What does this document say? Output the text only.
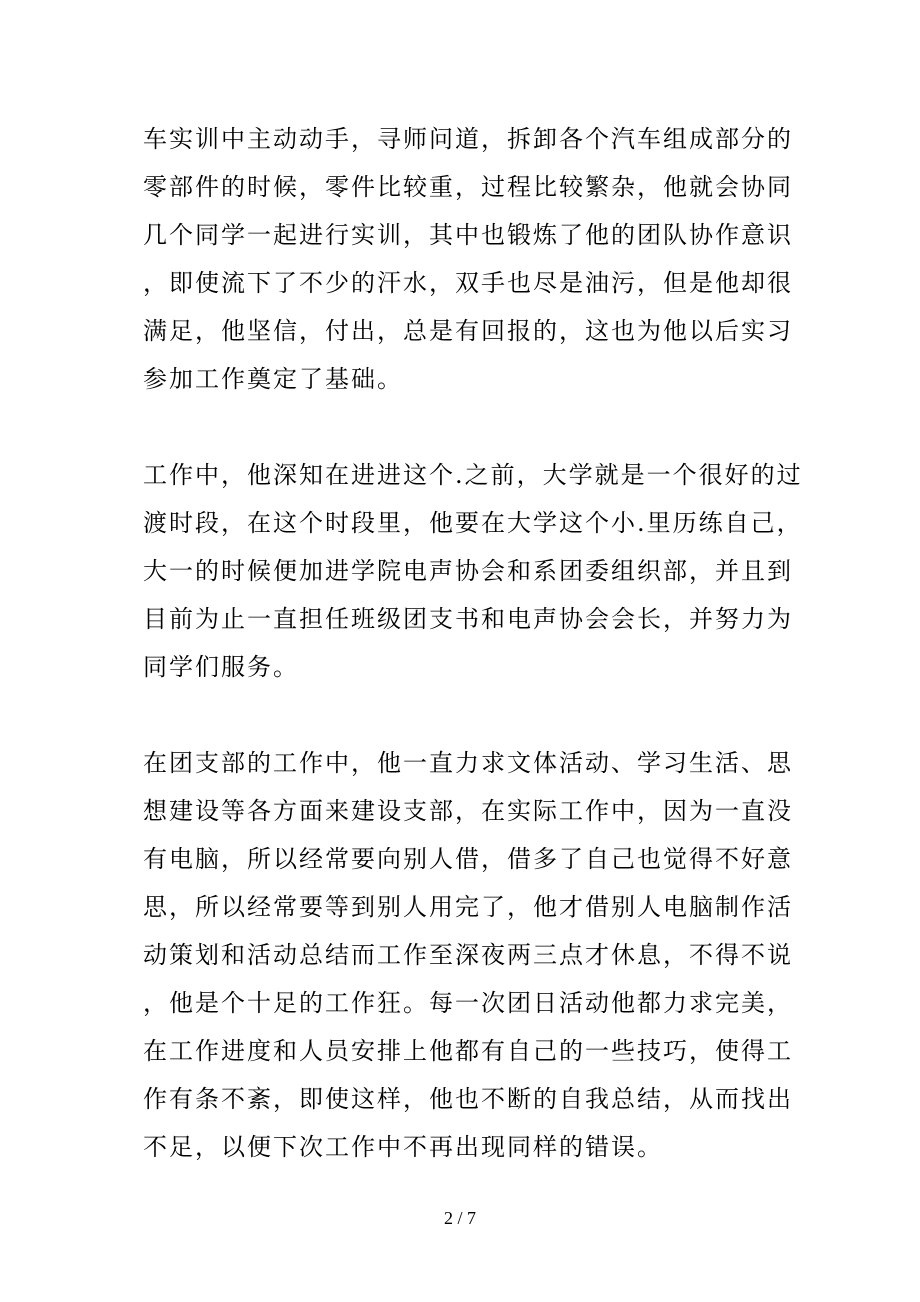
车实训中主动动手，寻师问道，拆卸各个汽车组成部分的
零部件的时候，零件比较重，过程比较繁杂，他就会协同
几个同学一起进行实训，其中也锻炼了他的团队协作意识
，即使流下了不少的汗水，双手也尽是油污，但是他却很
满足，他坚信，付出，总是有回报的，这也为他以后实习
参加工作奠定了基础。
工作中，他深知在进进这个.之前，大学就是一个很好的过
渡时段，在这个时段里，他要在大学这个小.里历练自己，
大一的时候便加进学院电声协会和系团委组织部，并且到
目前为止一直担任班级团支书和电声协会会长，并努力为
同学们服务。
在团支部的工作中，他一直力求文体活动、学习生活、思
想建设等各方面来建设支部，在实际工作中，因为一直没
有电脑，所以经常要向别人借，借多了自己也觉得不好意
思，所以经常要等到别人用完了，他才借别人电脑制作活
动策划和活动总结而工作至深夜两三点才休息，不得不说
，他是个十足的工作狂。每一次团日活动他都力求完美，
在工作进度和人员安排上他都有自己的一些技巧，使得工
作有条不紊，即使这样，他也不断的自我总结，从而找出
不足，以便下次工作中不再出现同样的错误。
2 / 7
